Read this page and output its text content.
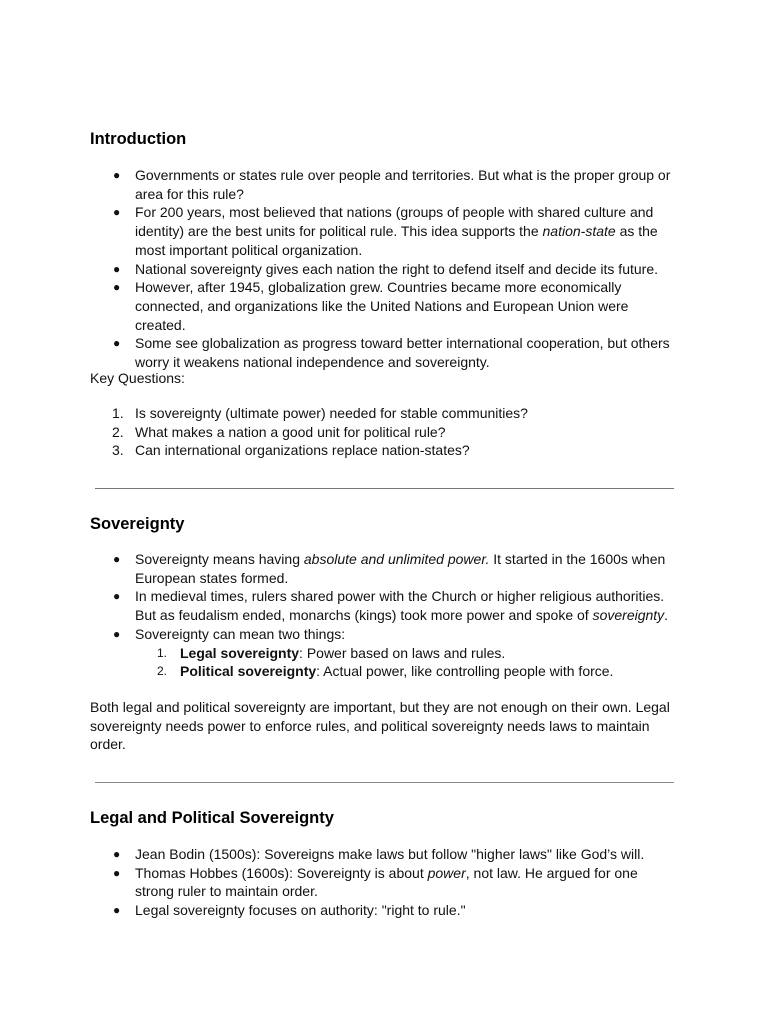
Introduction
● Governments or states rule over people and territories. But what is the proper group or area for this rule?
● For 200 years, most believed that nations (groups of people with shared culture and identity) are the best units for political rule. This idea supports the nation-state as the most important political organization.
● National sovereignty gives each nation the right to defend itself and decide its future.
● However, after 1945, globalization grew. Countries became more economically connected, and organizations like the United Nations and European Union were created.
● Some see globalization as progress toward better international cooperation, but others worry it weakens national independence and sovereignty.

Key Questions:

1. Is sovereignty (ultimate power) needed for stable communities?
2. What makes a nation a good unit for political rule?
3. Can international organizations replace nation-states?
Sovereignty
● Sovereignty means having absolute and unlimited power. It started in the 1600s when European states formed.
● In medieval times, rulers shared power with the Church or higher religious authorities. But as feudalism ended, monarchs (kings) took more power and spoke of sovereignty.
● Sovereignty can mean two things:
1. Legal sovereignty: Power based on laws and rules.
2. Political sovereignty: Actual power, like controlling people with force.

Both legal and political sovereignty are important, but they are not enough on their own. Legal sovereignty needs power to enforce rules, and political sovereignty needs laws to maintain order.

Legal and Political Sovereignty
● Jean Bodin (1500s): Sovereigns make laws but follow "higher laws" like God’s will.
● Thomas Hobbes (1600s): Sovereignty is about power, not law. He argued for one strong ruler to maintain order.
● Legal sovereignty focuses on authority: "right to rule."
